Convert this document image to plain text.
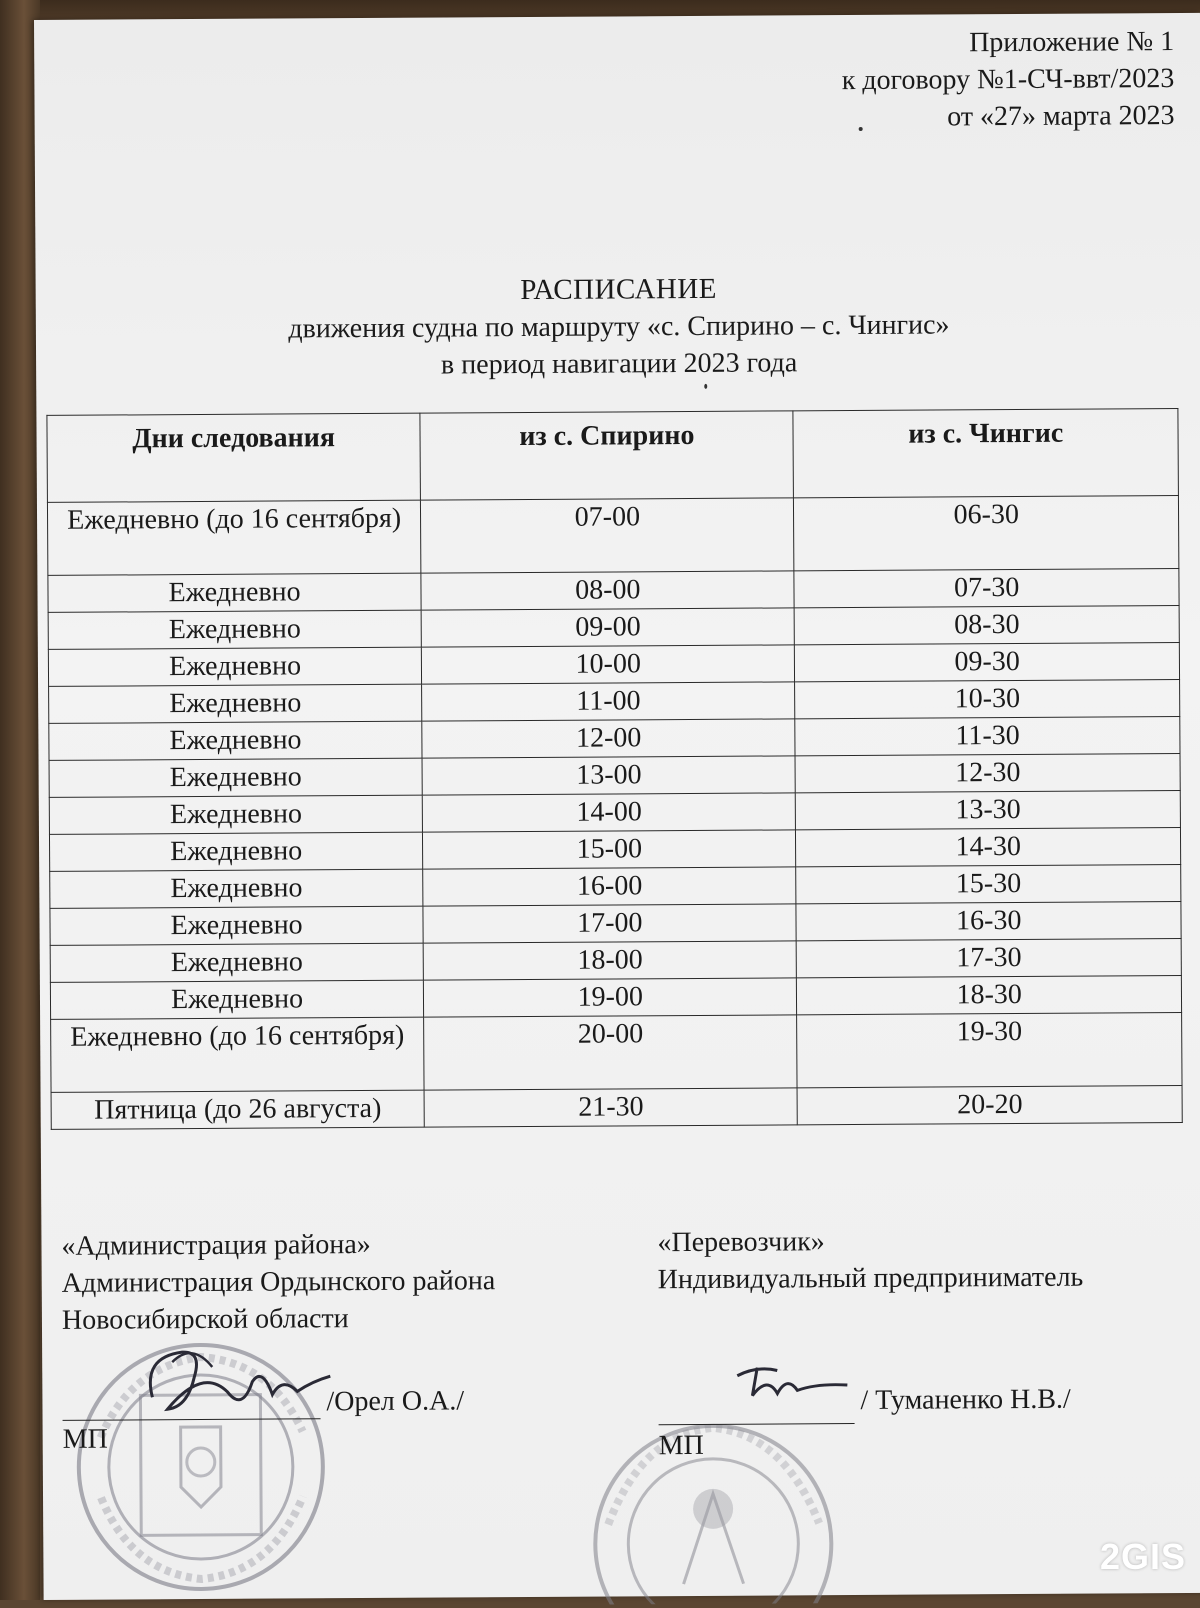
Приложение № 1
к договору №1-СЧ-ввт/2023
от «27» марта 2023
РАСПИСАНИЕ
движения судна по маршруту «с. Спирино – с. Чингис»
в период навигации 2023 года
Дни следования	из с. Спирино	из с. Чингис
Ежедневно (до 16 сентября)	07-00	06-30
Ежедневно	08-00	07-30
Ежедневно	09-00	08-30
Ежедневно	10-00	09-30
Ежедневно	11-00	10-30
Ежедневно	12-00	11-30
Ежедневно	13-00	12-30
Ежедневно	14-00	13-30
Ежедневно	15-00	14-30
Ежедневно	16-00	15-30
Ежедневно	17-00	16-30
Ежедневно	18-00	17-30
Ежедневно	19-00	18-30
Ежедневно (до 16 сентября)	20-00	19-30
Пятница (до 26 августа)	21-30	20-20
«Администрация района»
Администрация Ордынского района
Новосибирской области
/Орел О.А./
МП
«Перевозчик»
Индивидуальный предприниматель
/ Туманенко Н.В./
МП
2GIS
